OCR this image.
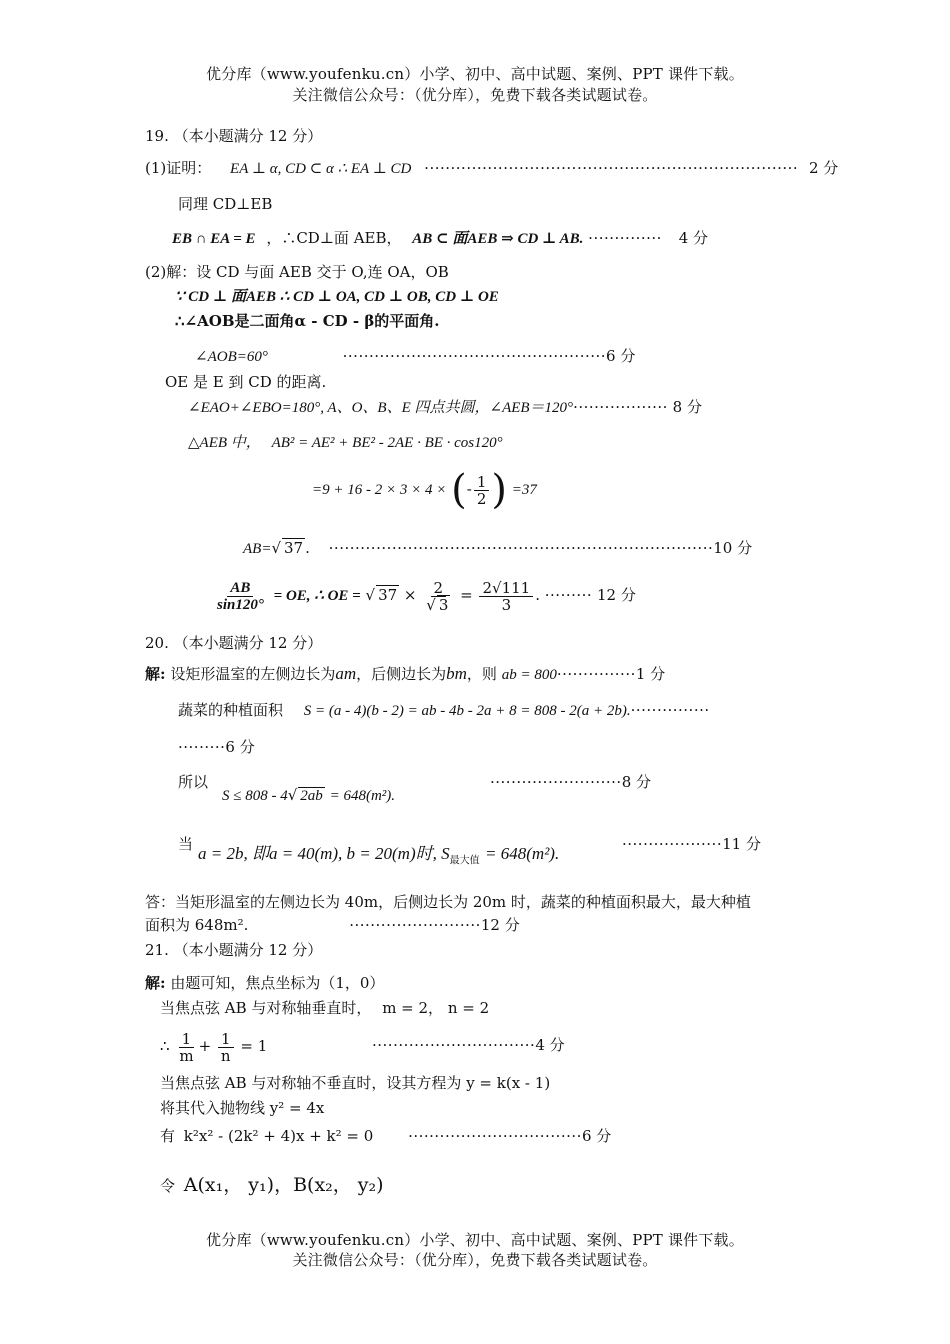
优分库（www.youfenku.cn）小学、初中、高中试题、案例、PPT 课件下载。
关注微信公众号：（优分库），免费下载各类试题试卷。
19. （本小题满分 12 分）
(1)证明： EA ⊥ α, CD ⊂ α ∴ EA ⊥ CD ······································································· 2 分
同理 CD⊥EB
EB ∩ EA = E ，∴CD⊥面 AEB， AB ⊂ 面AEB ⇒ CD ⊥ AB. ·············· 4 分
(2)解：设 CD 与面 AEB 交于 O,连 OA，OB
∵ CD ⊥ 面AEB ∴ CD ⊥ OA, CD ⊥ OB, CD ⊥ OE
∴∠AOB是二面角α - CD - β的平面角.
∠AOB=60°	··················································6 分
OE 是 E 到 CD 的距离.
∠EAO+∠EBO=180°, A、O、B、E 四点共圆，∠AEB＝120°·················· 8 分
△AEB 中， AB² = AE² + BE² - 2AE · BE · cos120°
=9 + 16 - 2 × 3 × 4 × (- $\frac{1}{2}$ ) =37
AB=√ 37 . ·········································································10 分
$\frac{AB}{\sin 120^\circ}$ = OE, ∴ OE = √ $37 \times \frac{2}{√ 3} = \frac{2√111}{3}$ . ········· 12 分
20. （本小题满分 12 分）
解: 设矩形温室的左侧边长为am，后侧边长为bm，则 ab = 800···············1 分
蔬菜的种植面积 S = (a - 4)(b - 2) = ab - 4b - 2a + 8 = 808 - 2(a + 2b).···············
·········6 分
所以
S ≤ 808 - 4√ 2ab = 648(m²).
·························8 分
当 a = 2b, 即a = 40(m), b = 20(m)时, $S_{最大值} = 648(m^2)$.	···················11 分
答：当矩形温室的左侧边长为 40m，后侧边长为 20m 时，蔬菜的种植面积最大，最大种植
面积为 648m².	·························12 分
21. （本小题满分 12 分）
解: 由题可知，焦点坐标为（1，0）
当焦点弦 AB 与对称轴垂直时， m = 2， n = 2
∴ $\frac{1}{m} + \frac{1}{n} = 1$	·······························4 分
当焦点弦 AB 与对称轴不垂直时，设其方程为 y = k(x - 1)
将其代入抛物线 y² = 4x
有 k²x² - (2k² + 4)x + k² = 0 ·································6 分
令 A(x₁， y₁)，B(x₂， y₂)
优分库（www.youfenku.cn）小学、初中、高中试题、案例、PPT 课件下载。
关注微信公众号：（优分库），免费下载各类试题试卷。
